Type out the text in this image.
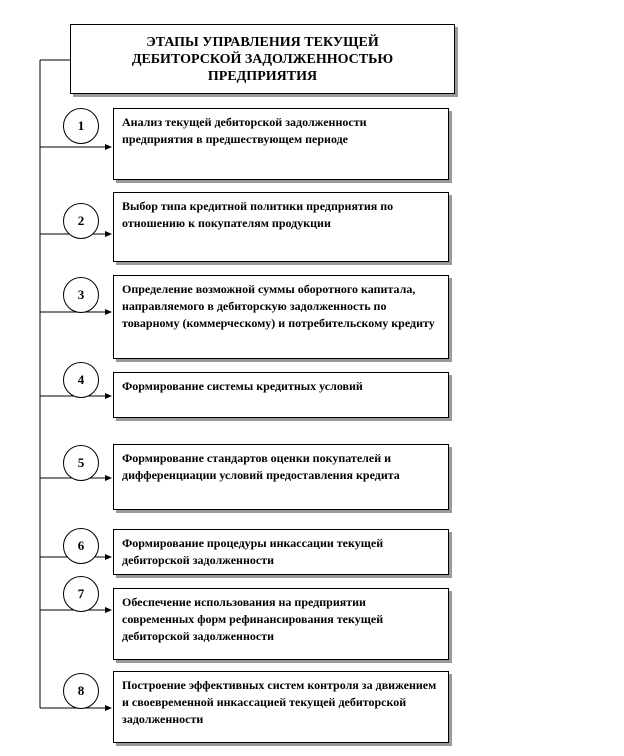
ЭТАПЫ УПРАВЛЕНИЯ ТЕКУЩЕЙ
ДЕБИТОРСКОЙ ЗАДОЛЖЕННОСТЬЮ
ПРЕДПРИЯТИЯ
1	Анализ текущей дебиторской задолженности предприятия в предшествующем периоде
2
Выбор типа кредитной политики предприятия по отношению к покупателям продукции
3	Определение возможной суммы оборотного капитала, направляемого в дебиторскую задолженность по товарному (коммерческому) и потребительскому кредиту
4	Формирование системы кредитных условий
5	Формирование стандартов оценки покупателей и дифференциации условий предоставления кредита
6	Формирование процедуры инкассации текущей дебиторской задолженности
7
Обеспечение использования на предприятии современных форм рефинансирования текущей дебиторской задолженности
8	Построение эффективных систем контроля за движением и своевременной инкассацией текущей дебиторской задолженности
